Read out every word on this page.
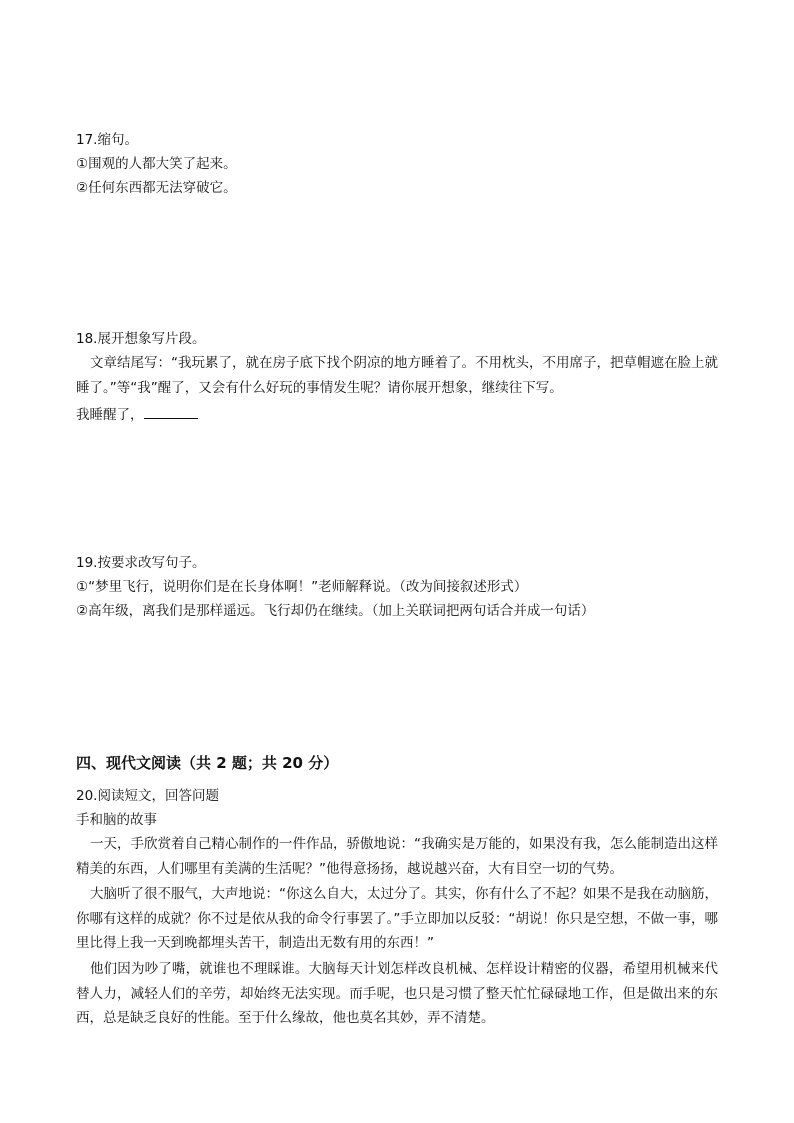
17.缩句。
①围观的人都大笑了起来。
②任何东西都无法穿破它。
18.展开想象写片段。
文章结尾写：“我玩累了，就在房子底下找个阴凉的地方睡着了。不用枕头，不用席子，把草帽遮在脸上就睡了。”等“我”醒了，又会有什么好玩的事情发生呢？请你展开想象，继续往下写。
我睡醒了，
19.按要求改写句子。
①“梦里飞行，说明你们是在长身体啊！”老师解释说。（改为间接叙述形式）
②高年级，离我们是那样遥远。飞行却仍在继续。（加上关联词把两句话合并成一句话）
四、现代文阅读（共 2 题；共 20 分）
20.阅读短文，回答问题
手和脑的故事
一天，手欣赏着自己精心制作的一件作品，骄傲地说：“我确实是万能的，如果没有我，怎么能制造出这样精美的东西，人们哪里有美满的生活呢？”他得意扬扬，越说越兴奋，大有目空一切的气势。
大脑听了很不服气，大声地说：“你这么自大，太过分了。其实，你有什么了不起？如果不是我在动脑筋，你哪有这样的成就？你不过是依从我的命令行事罢了。”手立即加以反驳：“胡说！你只是空想，不做一事，哪里比得上我一天到晚都埋头苦干，制造出无数有用的东西！”
他们因为吵了嘴，就谁也不理睬谁。大脑每天计划怎样改良机械、怎样设计精密的仪器，希望用机械来代替人力，减轻人们的辛劳，却始终无法实现。而手呢，也只是习惯了整天忙忙碌碌地工作，但是做出来的东西，总是缺乏良好的性能。至于什么缘故，他也莫名其妙，弄不清楚。
